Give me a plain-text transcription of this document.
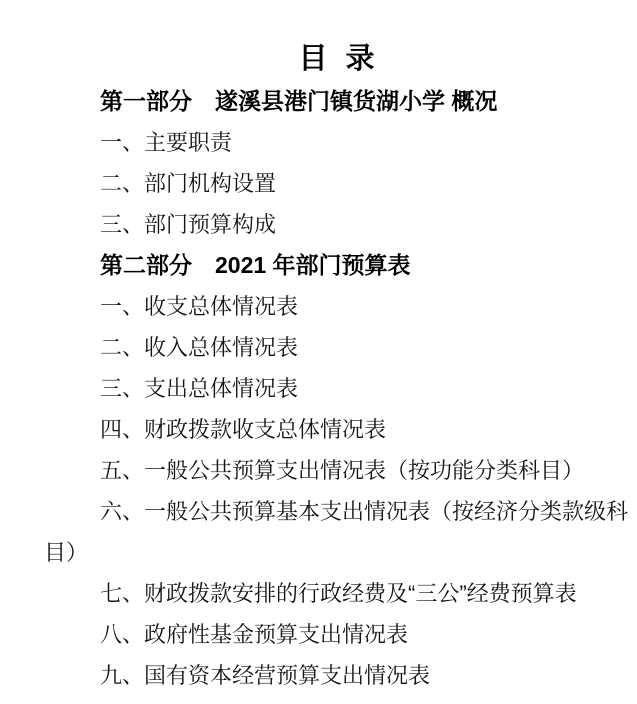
目 录

第一部分　遂溪县港门镇货湖小学 概况

一、主要职责

二、部门机构设置

三、部门预算构成

第二部分　2021 年部门预算表

一、收支总体情况表

二、收入总体情况表

三、支出总体情况表

四、财政拨款收支总体情况表

五、一般公共预算支出情况表（按功能分类科目）

六、一般公共预算基本支出情况表（按经济分类款级科

目）

七、财政拨款安排的行政经费及“三公”经费预算表

八、政府性基金预算支出情况表

九、国有资本经营预算支出情况表
